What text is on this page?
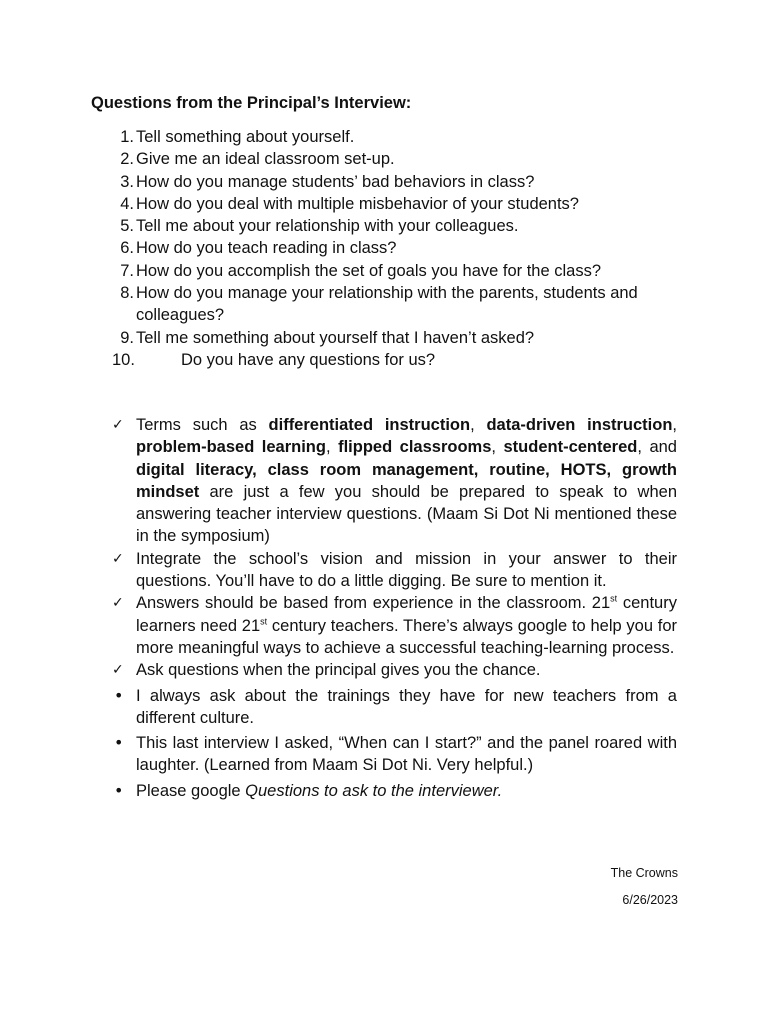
Questions from the Principal’s Interview:
1. Tell something about yourself.
2. Give me an ideal classroom set-up.
3. How do you manage students’ bad behaviors in class?
4. How do you deal with multiple misbehavior of your students?
5. Tell me about your relationship with your colleagues.
6. How do you teach reading in class?
7. How do you accomplish the set of goals you have for the class?
8. How do you manage your relationship with the parents, students and colleagues?
9. Tell me something about yourself that I haven’t asked?
10.	Do you have any questions for us?
✓ Terms such as differentiated instruction, data-driven instruction, problem-based learning, flipped classrooms, student-centered, and digital literacy, class room management, routine, HOTS, growth mindset are just a few you should be prepared to speak to when answering teacher interview questions. (Maam Si Dot Ni mentioned these in the symposium)
✓ Integrate the school’s vision and mission in your answer to their questions. You’ll have to do a little digging. Be sure to mention it.
✓ Answers should be based from experience in the classroom. 21st century learners need 21st century teachers. There’s always google to help you for more meaningful ways to achieve a successful teaching-learning process.
✓ Ask questions when the principal gives you the chance.
• I always ask about the trainings they have for new teachers from a different culture.
• This last interview I asked, “When can I start?” and the panel roared with laughter. (Learned from Maam Si Dot Ni. Very helpful.)
• Please google Questions to ask to the interviewer.
The Crowns
6/26/2023
